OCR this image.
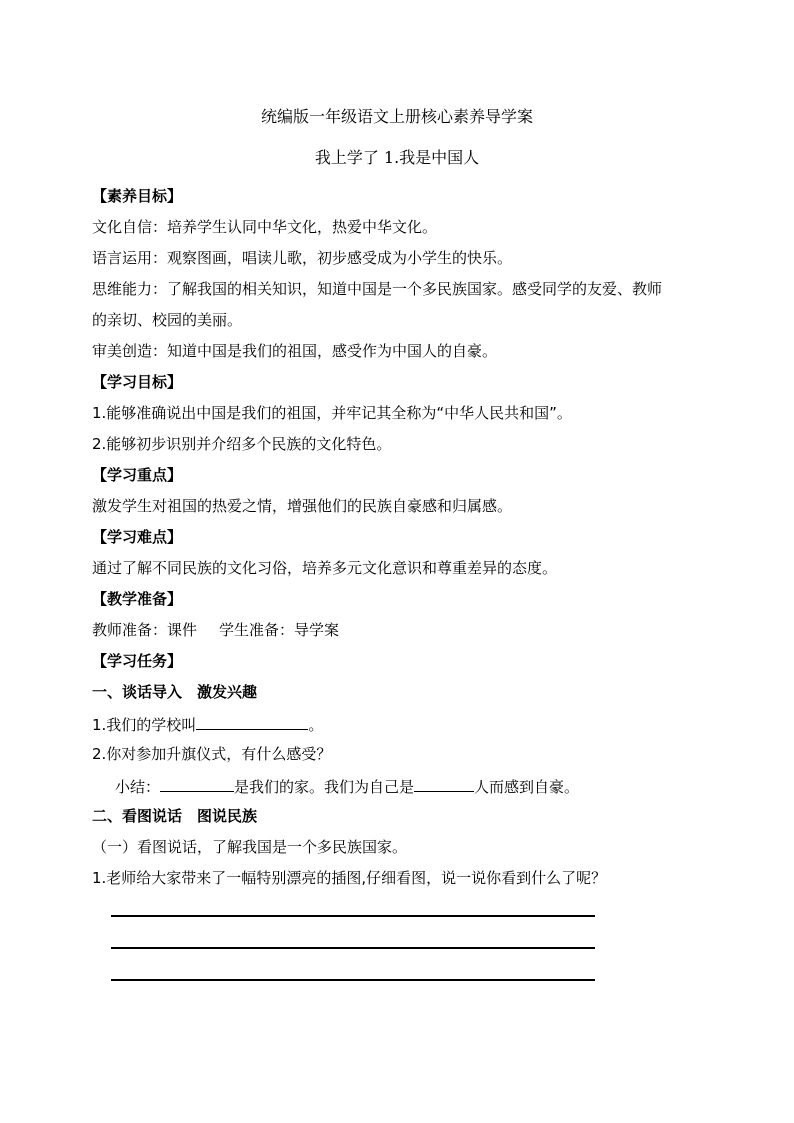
统编版一年级语文上册核心素养导学案
我上学了 1.我是中国人
【素养目标】
文化自信：培养学生认同中华文化，热爱中华文化。
语言运用：观察图画，唱读儿歌，初步感受成为小学生的快乐。
思维能力：了解我国的相关知识，知道中国是一个多民族国家。感受同学的友爱、教师
的亲切、校园的美丽。
审美创造：知道中国是我们的祖国，感受作为中国人的自豪。
【学习目标】
1.能够准确说出中国是我们的祖国，并牢记其全称为“中华人民共和国”。
2.能够初步识别并介绍多个民族的文化特色。
【学习重点】
激发学生对祖国的热爱之情，增强他们的民族自豪感和归属感。
【学习难点】
通过了解不同民族的文化习俗，培养多元文化意识和尊重差异的态度。
【教学准备】
教师准备：课件 学生准备：导学案
【学习任务】
一、谈话导入　激发兴趣
1.我们的学校叫	。
2.你对参加升旗仪式，有什么感受？
小结：	是我们的家。我们为自己是	人而感到自豪。
二、看图说话　图说民族
（一）看图说话，了解我国是一个多民族国家。
1.老师给大家带来了一幅特别漂亮的插图,仔细看图，说一说你看到什么了呢？
